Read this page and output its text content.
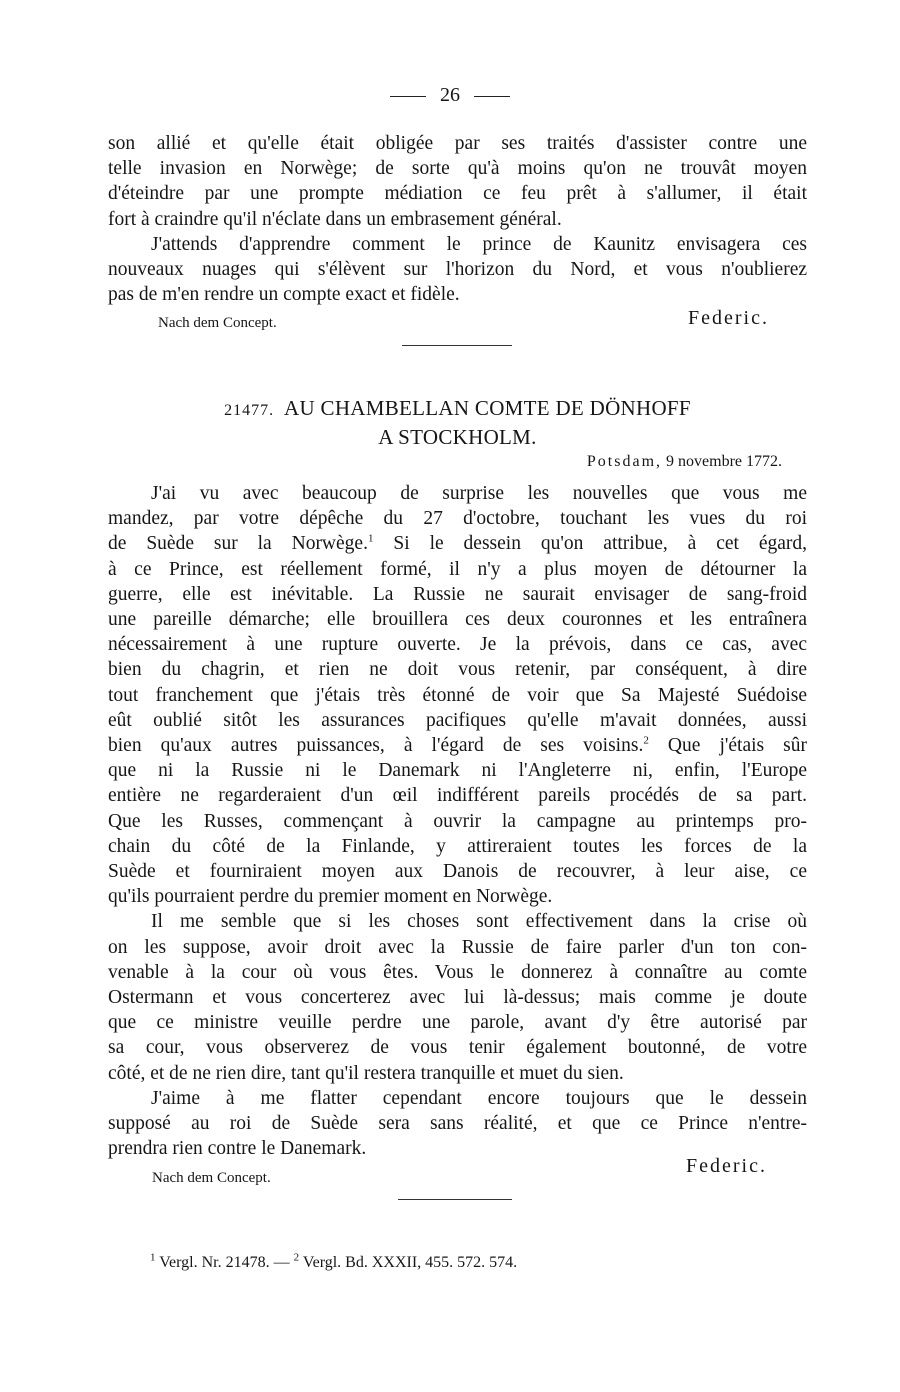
26
son allié et qu'elle était obligée par ses traités d'assister contre une
telle invasion en Norwège; de sorte qu'à moins qu'on ne trouvât moyen
d'éteindre par une prompte médiation ce feu prêt à s'allumer, il était
fort à craindre qu'il n'éclate dans un embrasement général.
J'attends d'apprendre comment le prince de Kaunitz envisagera ces
nouveaux nuages qui s'élèvent sur l'horizon du Nord, et vous n'oublierez
pas de m'en rendre un compte exact et fidèle.
Nach dem Concept.	Federic.
21477. AU CHAMBELLAN COMTE DE DÖNHOFF
A STOCKHOLM.
Potsdam, 9 novembre 1772.
J'ai vu avec beaucoup de surprise les nouvelles que vous me
mandez, par votre dépêche du 27 d'octobre, touchant les vues du roi
de Suède sur la Norwège.$^1$ Si le dessein qu'on attribue, à cet égard,
à ce Prince, est réellement formé, il n'y a plus moyen de détourner la
guerre, elle est inévitable. La Russie ne saurait envisager de sang-froid
une pareille démarche; elle brouillera ces deux couronnes et les entraînera
nécessairement à une rupture ouverte. Je la prévois, dans ce cas, avec
bien du chagrin, et rien ne doit vous retenir, par conséquent, à dire
tout franchement que j'étais très étonné de voir que Sa Majesté Suédoise
eût oublié sitôt les assurances pacifiques qu'elle m'avait données, aussi
bien qu'aux autres puissances, à l'égard de ses voisins.$^2$ Que j'étais sûr
que ni la Russie ni le Danemark ni l'Angleterre ni, enfin, l'Europe
entière ne regarderaient d'un œil indifférent pareils procédés de sa part.
Que les Russes, commençant à ouvrir la campagne au printemps pro-
chain du côté de la Finlande, y attireraient toutes les forces de la
Suède et fourniraient moyen aux Danois de recouvrer, à leur aise, ce
qu'ils pourraient perdre du premier moment en Norwège.
Il me semble que si les choses sont effectivement dans la crise où
on les suppose, avoir droit avec la Russie de faire parler d'un ton con-
venable à la cour où vous êtes. Vous le donnerez à connaître au comte
Ostermann et vous concerterez avec lui là-dessus; mais comme je doute
que ce ministre veuille perdre une parole, avant d'y être autorisé par
sa cour, vous observerez de vous tenir également boutonné, de votre
côté, et de ne rien dire, tant qu'il restera tranquille et muet du sien.
J'aime à me flatter cependant encore toujours que le dessein
supposé au roi de Suède sera sans réalité, et que ce Prince n'entre-
prendra rien contre le Danemark.
Nach dem Concept.
Federic.
$^1$ Vergl. Nr. 21478. — $^2$ Vergl. Bd. XXXII, 455. 572. 574.
